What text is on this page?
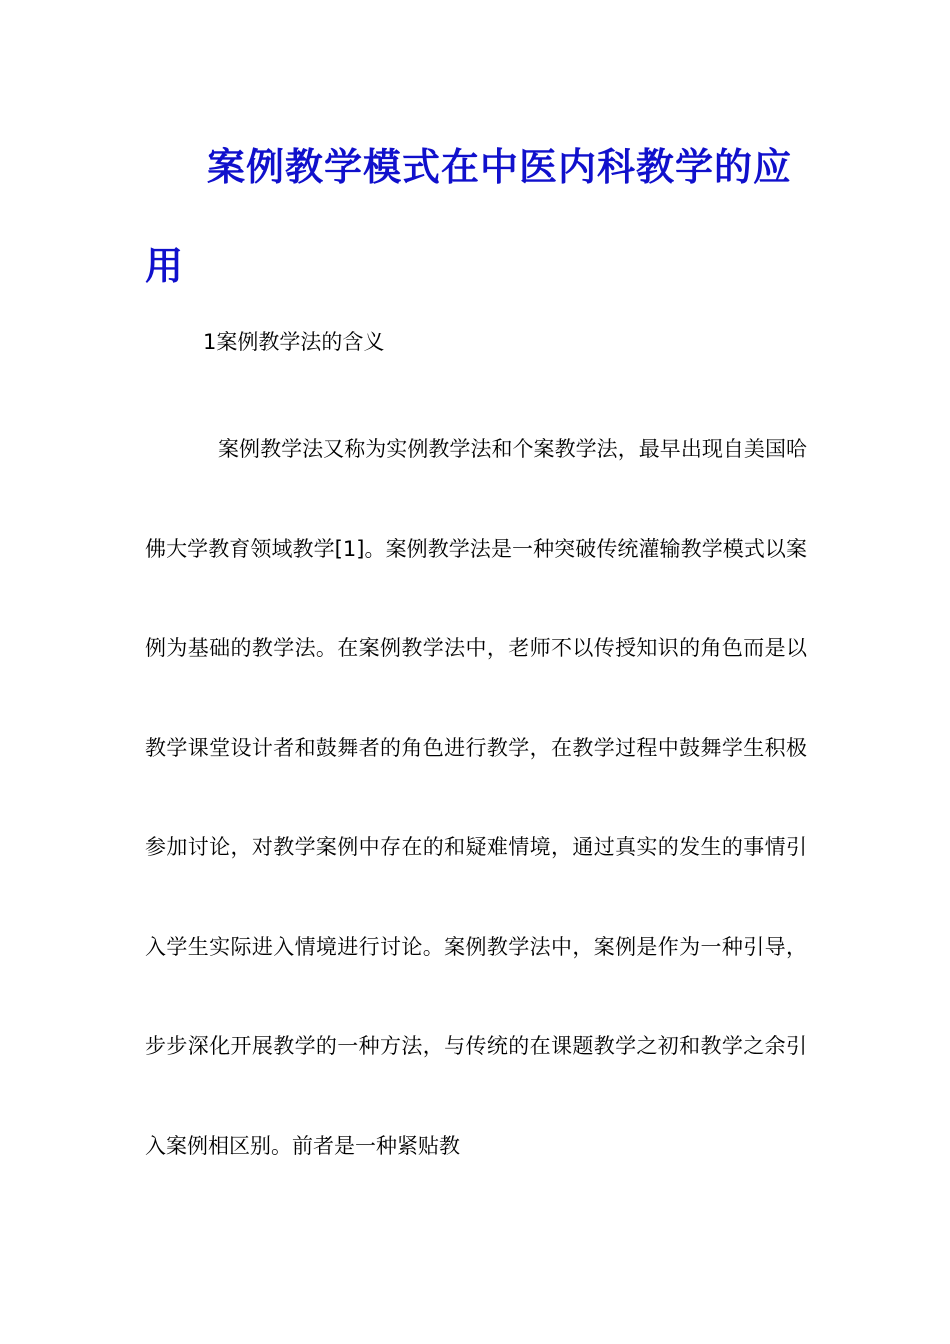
案例教学模式在中医内科教学的应用
1案例教学法的含义

案例教学法又称为实例教学法和个案教学法，最早出现自美国哈佛大学教育领域教学[1]。案例教学法是一种突破传统灌输教学模式以案例为基础的教学法。在案例教学法中，老师不以传授知识的角色而是以教学课堂设计者和鼓舞者的角色进行教学，在教学过程中鼓舞学生积极参加讨论，对教学案例中存在的和疑难情境，通过真实的发生的事情引入学生实际进入情境进行讨论。案例教学法中，案例是作为一种引导，步步深化开展教学的一种方法，与传统的在课题教学之初和教学之余引入案例相区别。前者是一种紧贴教
